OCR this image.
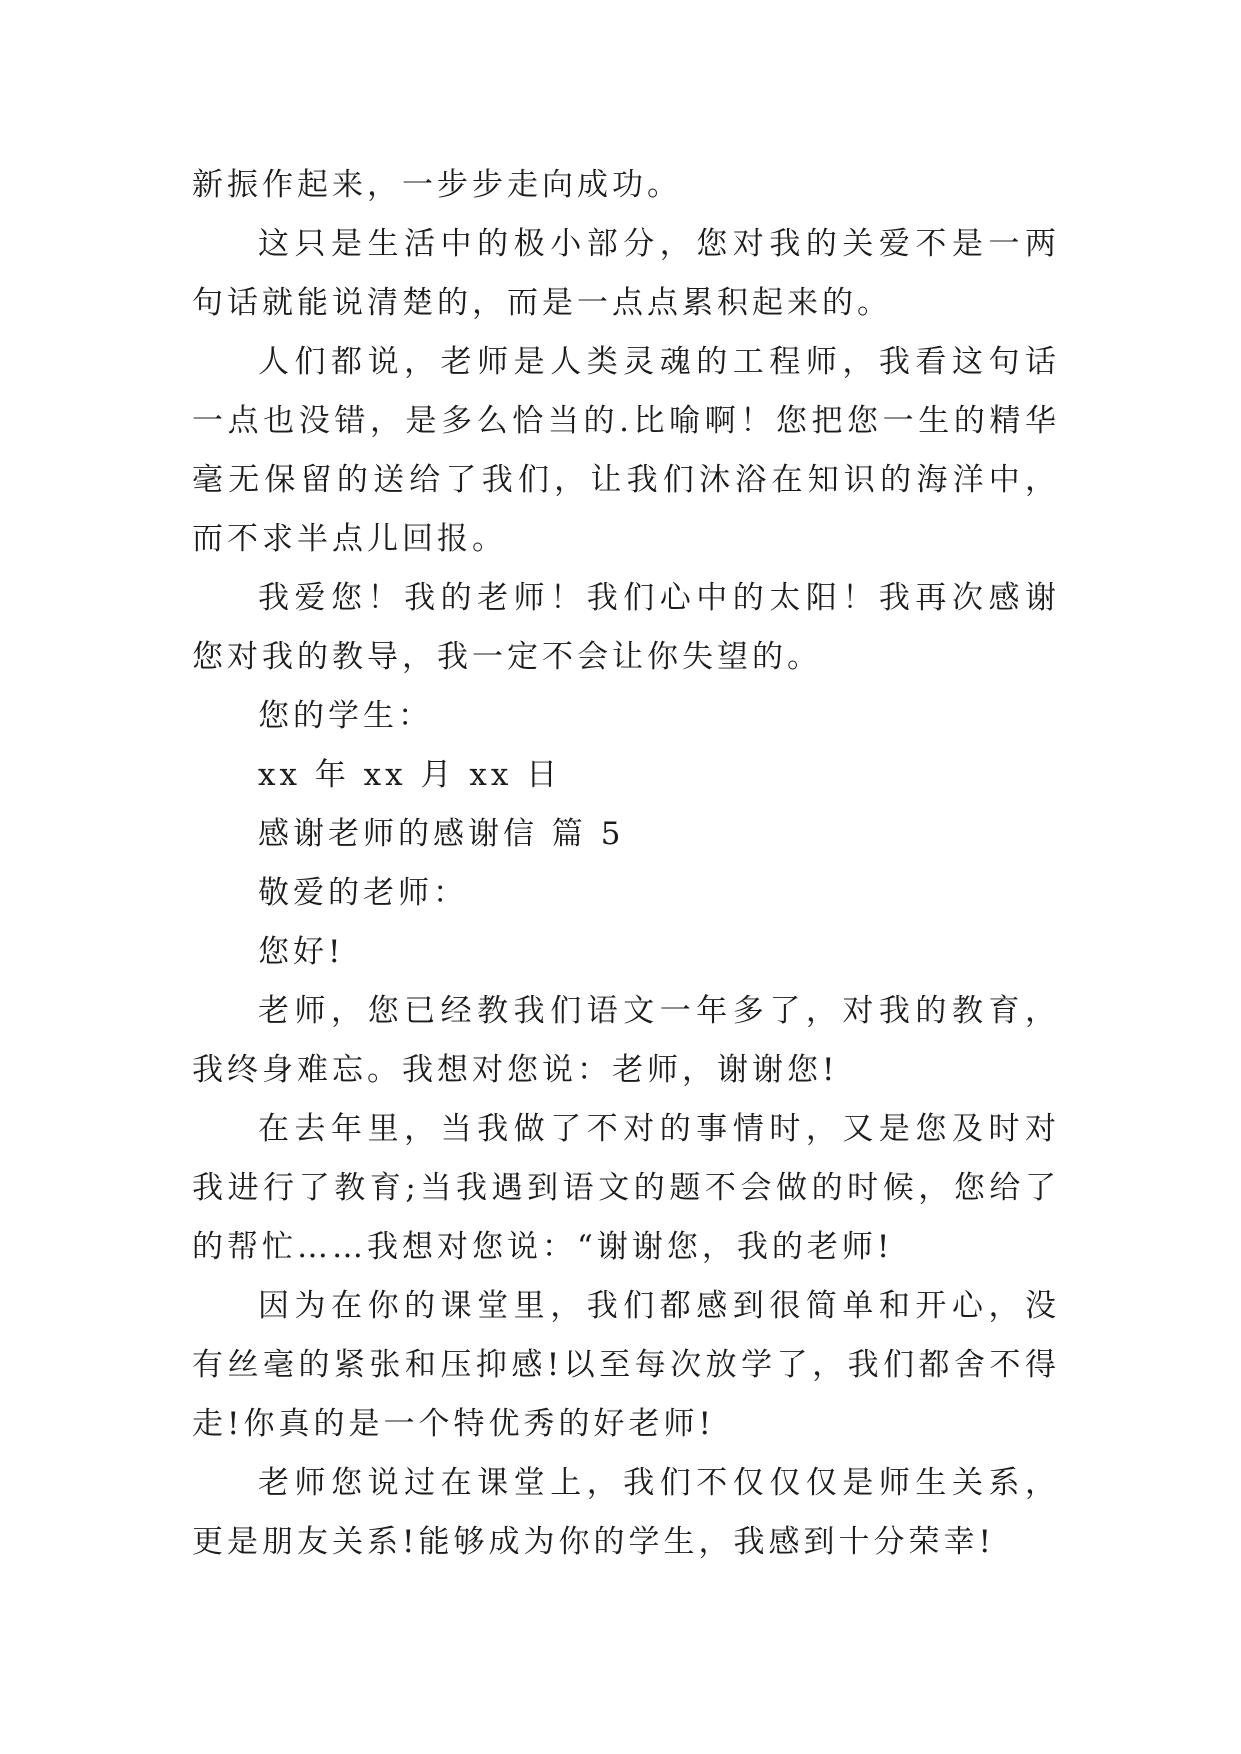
新振作起来，一步步走向成功。

这只是生活中的极小部分，您对我的关爱不是一两句话就能说清楚的，而是一点点累积起来的。

人们都说，老师是人类灵魂的工程师，我看这句话一点也没错，是多么恰当的.比喻啊！您把您一生的精华毫无保留的送给了我们，让我们沐浴在知识的海洋中，而不求半点儿回报。

我爱您！我的老师！我们心中的太阳！我再次感谢您对我的教导，我一定不会让你失望的。

您的学生：

xx 年 xx 月 xx 日

感谢老师的感谢信 篇 5

敬爱的老师：

您好!

老师，您已经教我们语文一年多了，对我的教育，我终身难忘。我想对您说：老师，谢谢您!

在去年里，当我做了不对的事情时，又是您及时对我进行了教育;当我遇到语文的题不会做的时候，您给了的帮忙……我想对您说：“谢谢您，我的老师!

因为在你的课堂里，我们都感到很简单和开心，没有丝毫的紧张和压抑感!以至每次放学了，我们都舍不得走!你真的是一个特优秀的好老师!

老师您说过在课堂上，我们不仅仅仅是师生关系，更是朋友关系!能够成为你的学生，我感到十分荣幸!
